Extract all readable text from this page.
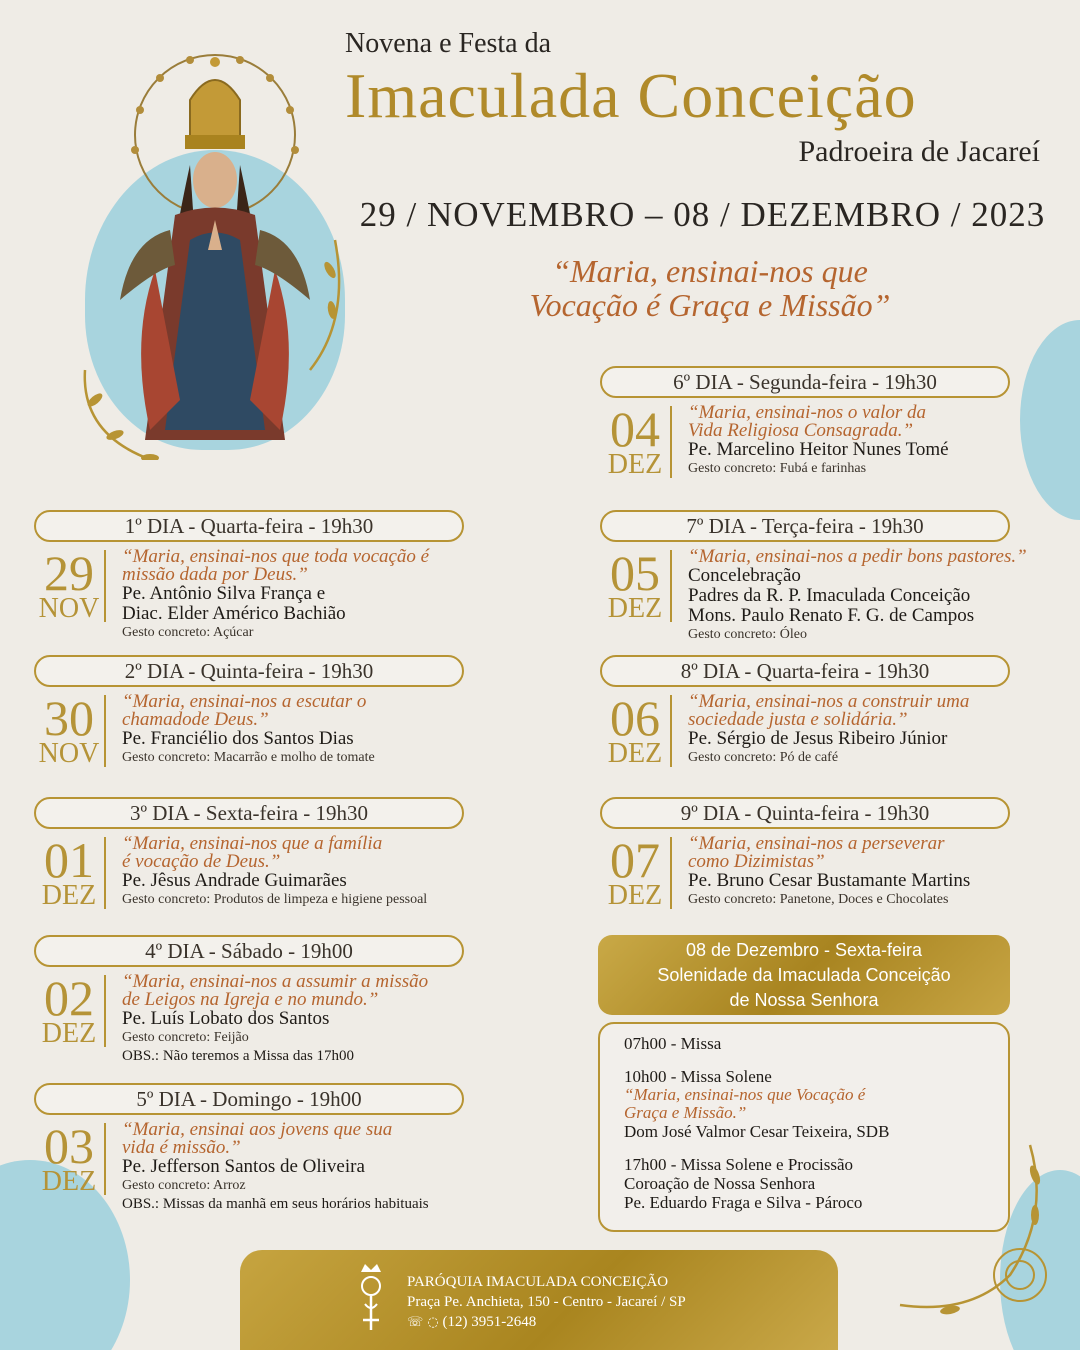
Novena e Festa da
Imaculada Conceição
Padroeira de Jacareí
29 / NOVEMBRO – 08 / DEZEMBRO / 2023
“Maria, ensinai-nos que
Vocação é Graça e Missão”
1º DIA - Quarta-feira - 19h30
29
NOV
“Maria, ensinai-nos que toda vocação é
missão dada por Deus.”
Pe. Antônio Silva França e
Diac. Elder Américo Bachião
Gesto concreto: Açúcar
2º DIA - Quinta-feira - 19h30
30
NOV
“Maria, ensinai-nos a escutar o
chamadode Deus.”
Pe. Franciélio dos Santos Dias
Gesto concreto: Macarrão e molho de tomate
3º DIA - Sexta-feira - 19h30
01
DEZ
“Maria, ensinai-nos que a família
é vocação de Deus.”
Pe. Jêsus Andrade Guimarães
Gesto concreto: Produtos de limpeza e higiene pessoal
4º DIA - Sábado - 19h00
02
DEZ
“Maria, ensinai-nos a assumir a missão
de Leigos na Igreja e no mundo.”
Pe. Luís Lobato dos Santos
Gesto concreto: Feijão
OBS.: Não teremos a Missa das 17h00
5º DIA - Domingo - 19h00
03
DEZ
“Maria, ensinai aos jovens que sua
vida é missão.”
Pe. Jefferson Santos de Oliveira
Gesto concreto: Arroz
OBS.: Missas da manhã em seus horários habituais
6º DIA - Segunda-feira - 19h30
04
DEZ
“Maria, ensinai-nos o valor da
Vida Religiosa Consagrada.”
Pe. Marcelino Heitor Nunes Tomé
Gesto concreto: Fubá e farinhas
7º DIA - Terça-feira - 19h30
05
DEZ
“Maria, ensinai-nos a pedir bons pastores.”
Concelebração
Padres da R. P. Imaculada Conceição
Mons. Paulo Renato F. G. de Campos
Gesto concreto: Óleo
8º DIA - Quarta-feira - 19h30
06
DEZ
“Maria, ensinai-nos a construir uma
sociedade justa e solidária.”
Pe. Sérgio de Jesus Ribeiro Júnior
Gesto concreto: Pó de café
9º DIA - Quinta-feira - 19h30
07
DEZ
“Maria, ensinai-nos a perseverar
como Dizimistas”
Pe. Bruno Cesar Bustamante Martins
Gesto concreto: Panetone, Doces e Chocolates
08 de Dezembro - Sexta-feira
Solenidade da Imaculada Conceição
de Nossa Senhora
07h00 - Missa
10h00 - Missa Solene
“Maria, ensinai-nos que Vocação é
Graça e Missão.”
Dom José Valmor Cesar Teixeira, SDB
17h00 - Missa Solene e Procissão
Coroação de Nossa Senhora
Pe. Eduardo Fraga e Silva - Pároco
PARÓQUIA IMACULADA CONCEIÇÃO
Praça Pe. Anchieta, 150 - Centro - Jacareí / SP
☏ ◌ (12) 3951-2648
